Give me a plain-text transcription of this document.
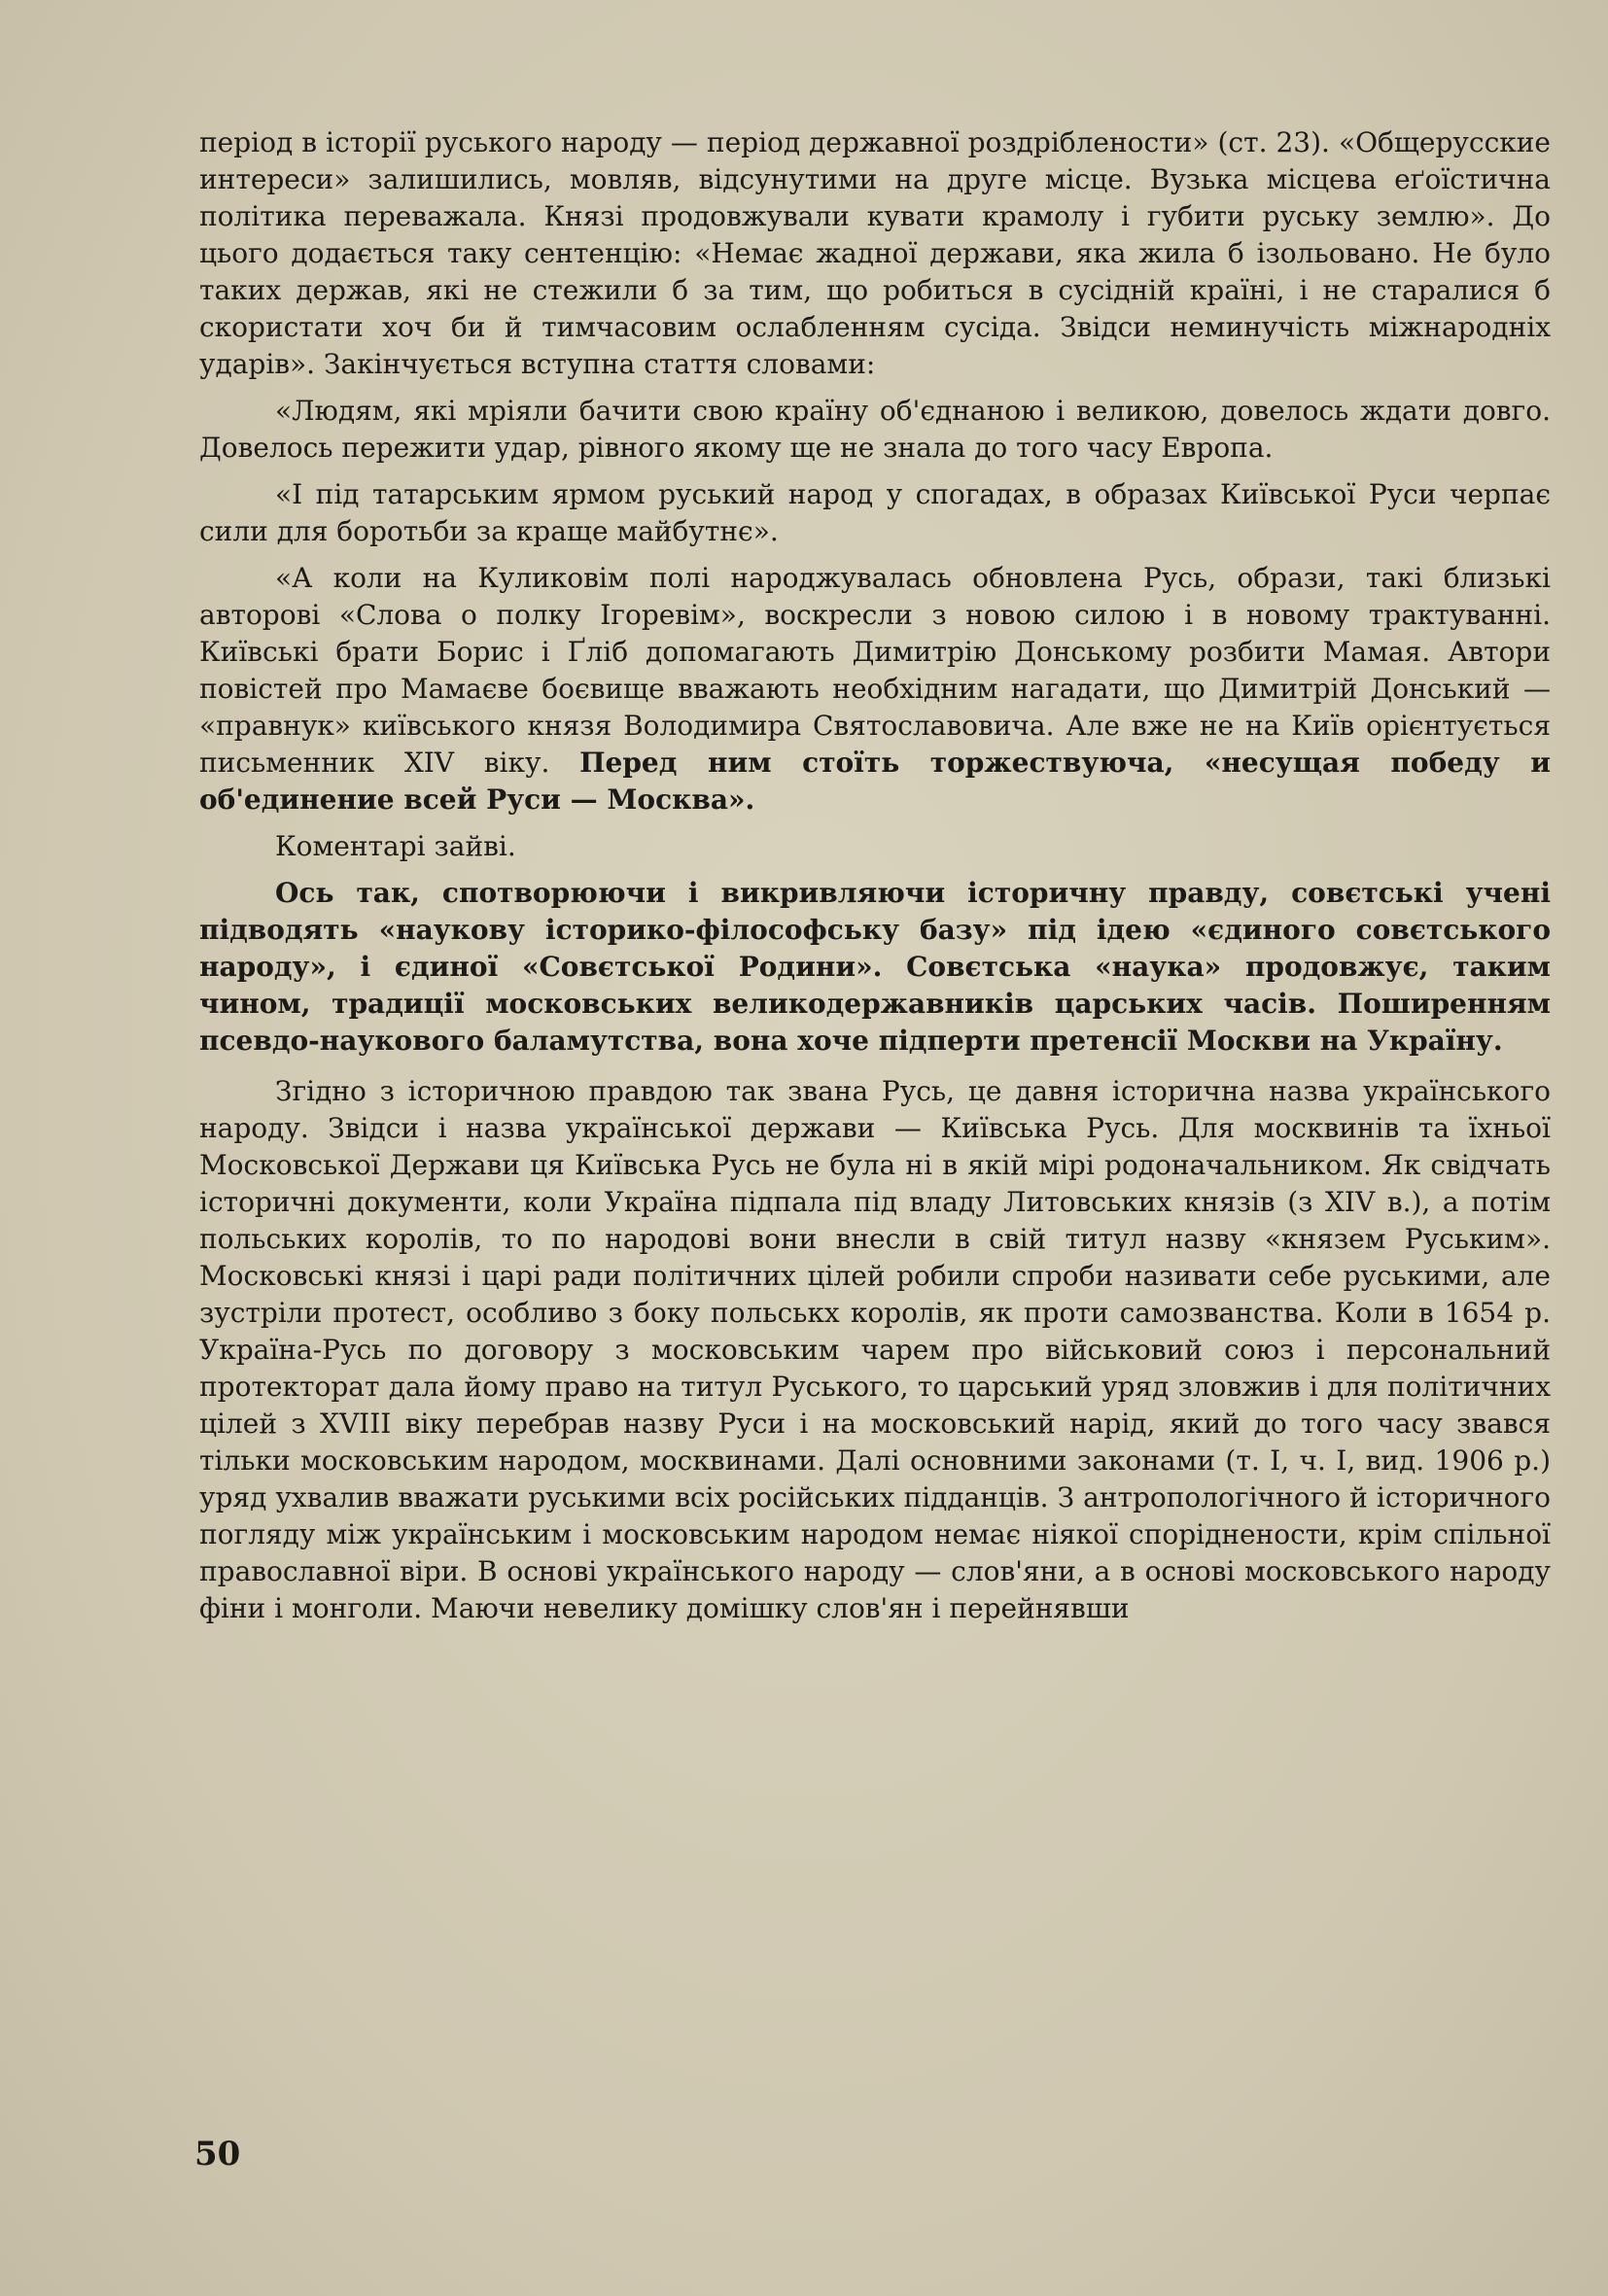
період в історії руського народу — період державної роздріблености» (ст. 23). «Общерусские интереси» залишились, мовляв, відсунутими на друге місце. Вузька місцева еґоїстична політика переважала. Князі продовжували кувати крамолу і губити руську землю». До цього додається таку сентенцію: «Немає жадної держави, яка жила б ізольовано. Не було таких держав, які не стежили б за тим, що робиться в сусідній країні, і не старалися б скористати хоч би й тимчасовим ослабленням сусіда. Звідси неминучість міжнародніх ударів». Закінчується вступна стаття словами:

«Людям, які мріяли бачити свою країну об'єднаною і великою, довелось ждати довго. Довелось пережити удар, рівного якому ще не знала до того часу Европа.

«І під татарським ярмом руський народ у спогадах, в образах Київської Руси черпає сили для боротьби за краще майбутнє».

«А коли на Куликовім полі народжувалась обновлена Русь, образи, такі близькі авторові «Слова о полку Ігоревім», воскресли з новою силою і в новому трактуванні. Київські брати Борис і Ґліб допомагають Димитрію Донському розбити Мамая. Автори повістей про Мамаєве боєвище вважають необхідним нагадати, що Димитрій Донський — «правнук» київського князя Володимира Святославовича. Але вже не на Київ орієнтується письменник XIV віку. Перед ним стоїть торжествуюча, «несущая победу и об'единение всей Руси — Москва».

Коментарі зайві.

Ось так, спотворюючи і викривляючи історичну правду, совєтські учені підводять «наукову історико-філософську базу» під ідею «єдиного совєтського народу», і єдиної «Совєтської Родини». Совєтська «наука» продовжує, таким чином, традиції московських великодержавників царських часів. Поширенням псевдо-наукового баламутства, вона хоче підперти претенсії Москви на Україну.

Згідно з історичною правдою так звана Русь, це давня історична назва українського народу. Звідси і назва української держави — Київська Русь. Для москвинів та їхньої Московської Держави ця Київська Русь не була ні в якій мірі родоначальником. Як свідчать історичні документи, коли Україна підпала під владу Литовських князів (з XIV в.), а потім польських королів, то по народові вони внесли в свій титул назву «князем Руським». Московські князі і царі ради політичних цілей робили спроби називати себе руськими, але зустріли протест, особливо з боку польськх королів, як проти самозванства. Коли в 1654 р. Україна-Русь по договору з московським чарем про військовий союз і персональний протекторат дала йому право на титул Руського, то царський уряд зловжив і для політичних цілей з XVIII віку перебрав назву Руси і на московський нарід, який до того часу звався тільки московським народом, москвинами. Далі основними законами (т. І, ч. І, вид. 1906 р.) уряд ухвалив вважати руськими всіх російських підданців. З антропологічного й історичного погляду між українським і московським народом немає ніякої споріднености, крім спільної православної віри. В основі українського народу — слов'яни, а в основі московського народу фіни і монголи. Маючи невелику домішку слов'ян і перейнявши

50
